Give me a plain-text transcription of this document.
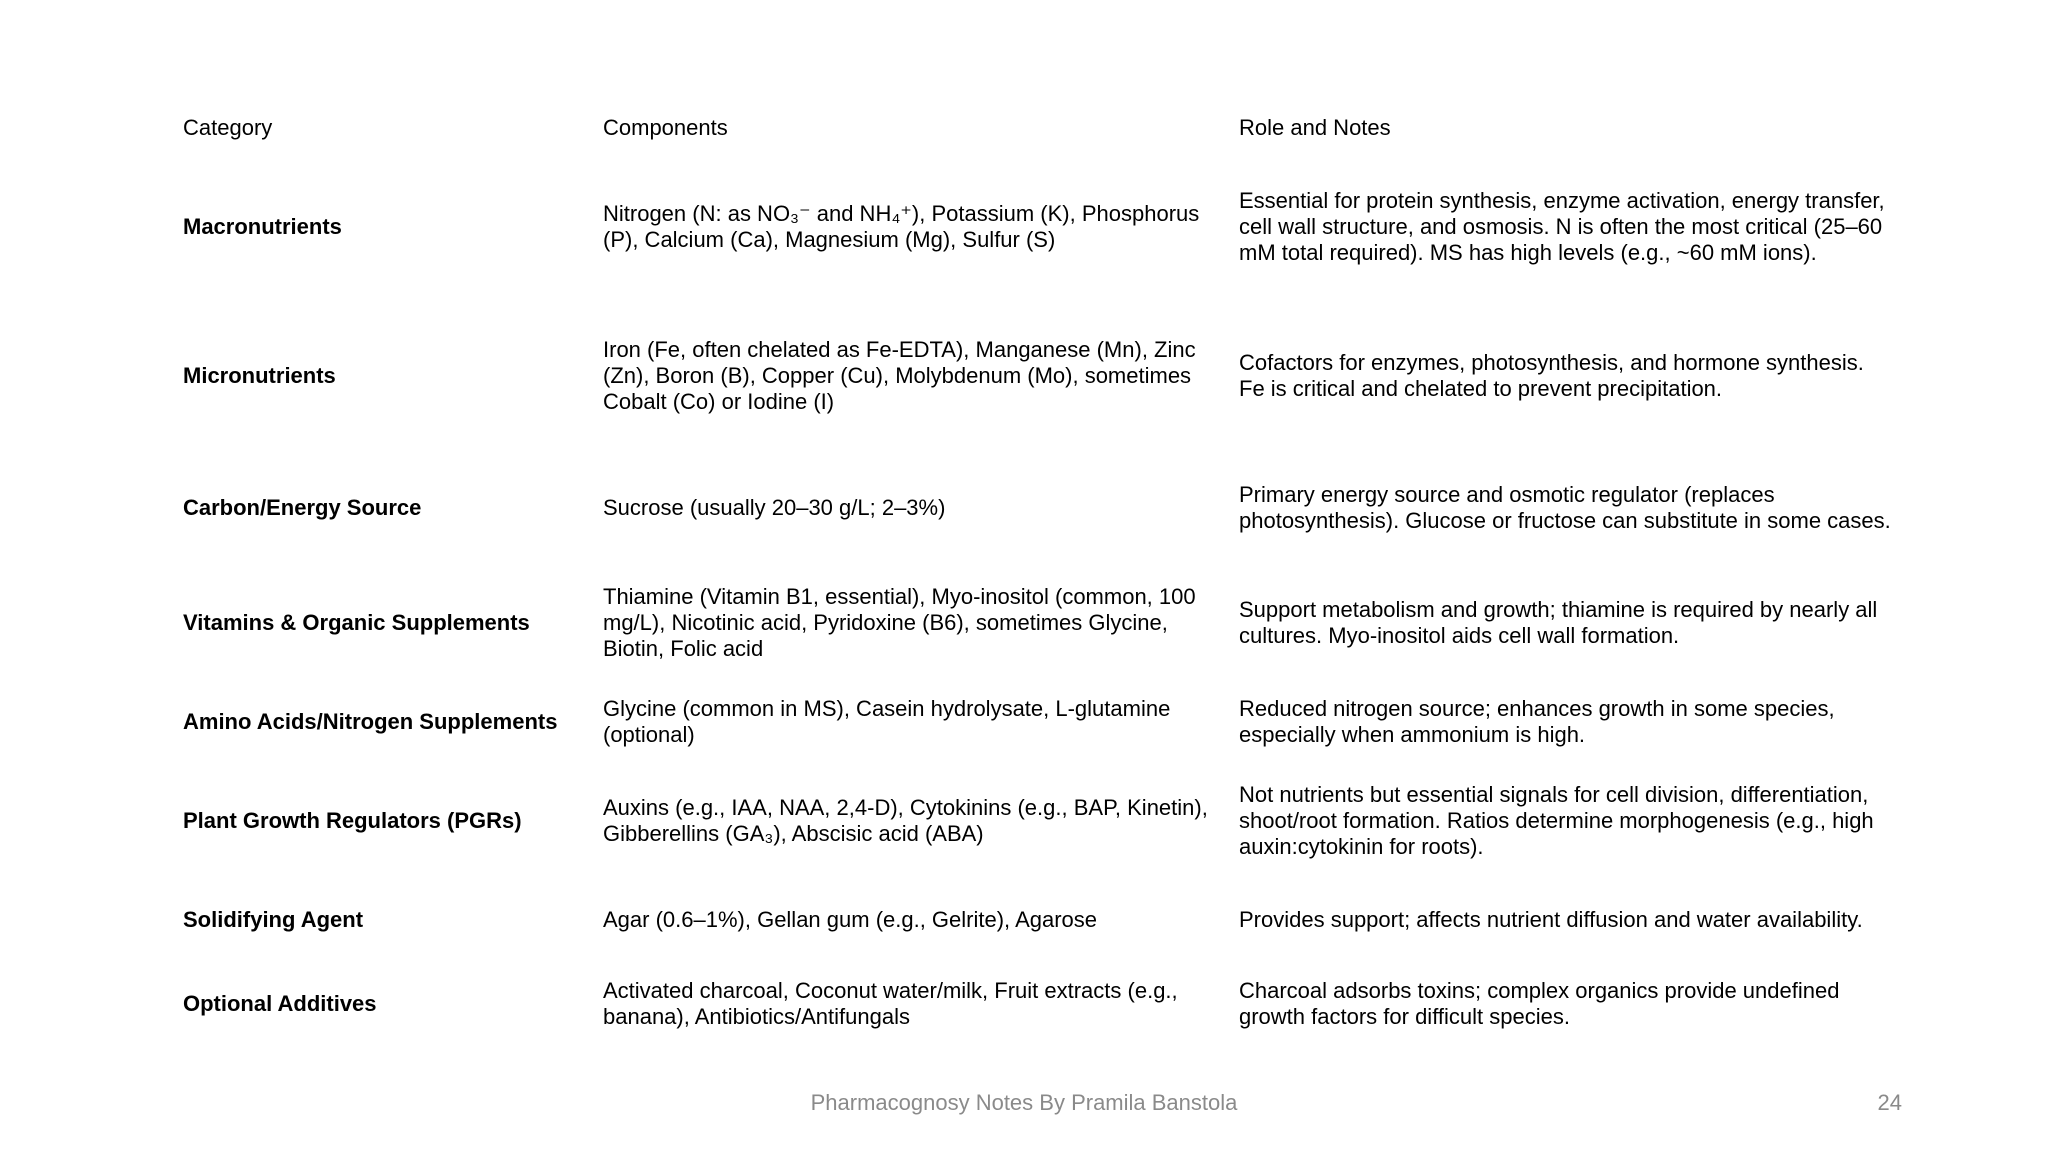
Category	Components	Role and Notes
Macronutrients	Nitrogen (N: as NO₃⁻ and NH₄⁺), Potassium (K), Phosphorus (P), Calcium (Ca), Magnesium (Mg), Sulfur (S)	Essential for protein synthesis, enzyme activation, energy transfer, cell wall structure, and osmosis. N is often the most critical (25–60 mM total required). MS has high levels (e.g., ~60 mM ions).
Micronutrients	Iron (Fe, often chelated as Fe-EDTA), Manganese (Mn), Zinc (Zn), Boron (B), Copper (Cu), Molybdenum (Mo), sometimes Cobalt (Co) or Iodine (I)	Cofactors for enzymes, photosynthesis, and hormone synthesis. Fe is critical and chelated to prevent precipitation.
Carbon/Energy Source	Sucrose (usually 20–30 g/L; 2–3%)	Primary energy source and osmotic regulator (replaces photosynthesis). Glucose or fructose can substitute in some cases.
Vitamins & Organic Supplements	Thiamine (Vitamin B1, essential), Myo-inositol (common, 100 mg/L), Nicotinic acid, Pyridoxine (B6), sometimes Glycine, Biotin, Folic acid	Support metabolism and growth; thiamine is required by nearly all cultures. Myo-inositol aids cell wall formation.
Amino Acids/Nitrogen Supplements	Glycine (common in MS), Casein hydrolysate, L-glutamine (optional)	Reduced nitrogen source; enhances growth in some species, especially when ammonium is high.
Plant Growth Regulators (PGRs)	Auxins (e.g., IAA, NAA, 2,4-D), Cytokinins (e.g., BAP, Kinetin), Gibberellins (GA₃), Abscisic acid (ABA)	Not nutrients but essential signals for cell division, differentiation, shoot/root formation. Ratios determine morphogenesis (e.g., high auxin:cytokinin for roots).
Solidifying Agent	Agar (0.6–1%), Gellan gum (e.g., Gelrite), Agarose	Provides support; affects nutrient diffusion and water availability.
Optional Additives	Activated charcoal, Coconut water/milk, Fruit extracts (e.g., banana), Antibiotics/Antifungals	Charcoal adsorbs toxins; complex organics provide undefined growth factors for difficult species.
Pharmacognosy Notes By Pramila Banstola	24
